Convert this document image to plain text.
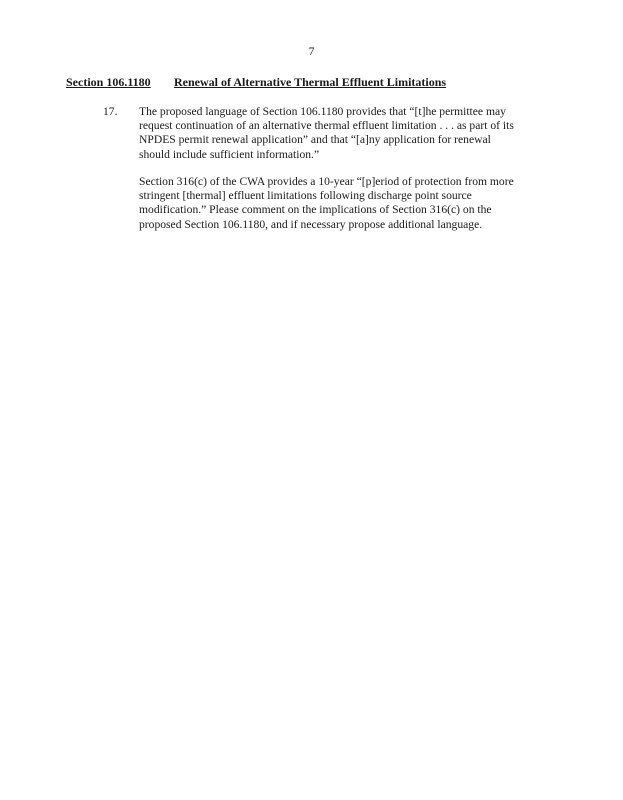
7
Section 106.1180 Renewal of Alternative Thermal Effluent Limitations
17. The proposed language of Section 106.1180 provides that “[t]he permittee may
request continuation of an alternative thermal effluent limitation . . . as part of its
NPDES permit renewal application” and that “[a]ny application for renewal
should include sufficient information.”
Section 316(c) of the CWA provides a 10-year “[p]eriod of protection from more
stringent [thermal] effluent limitations following discharge point source
modification.” Please comment on the implications of Section 316(c) on the
proposed Section 106.1180, and if necessary propose additional language.
